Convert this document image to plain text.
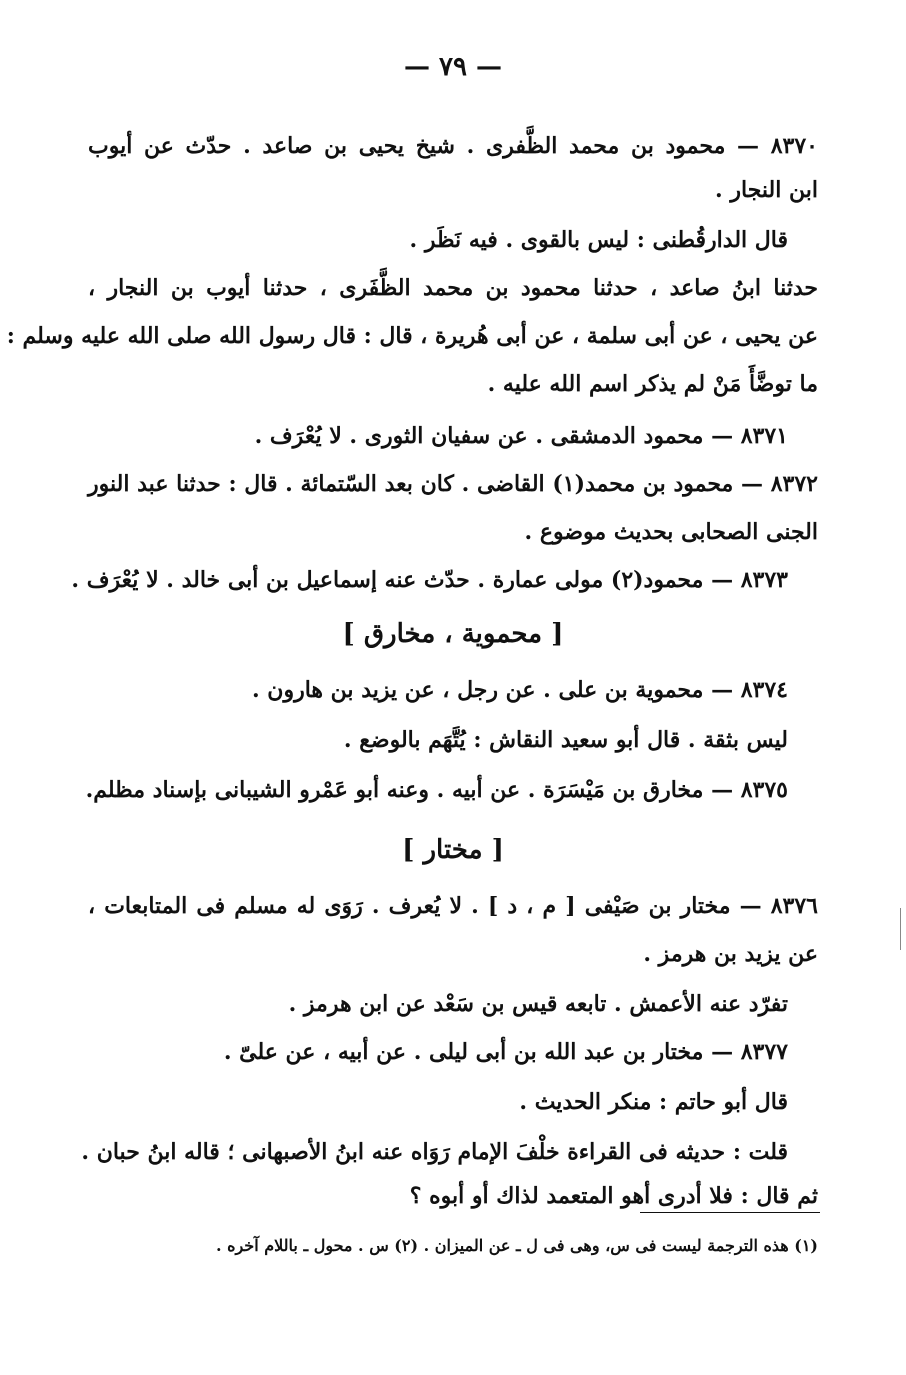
— ٧٩ —
٨٣٧٠ — محمود بن محمد الظَّفرى . شيخ يحيى بن صاعد . حدّث عن أيوب
ابن النجار .
قال الدارقُطنى : ليس بالقوى . فيه نَظَر .
حدثنا ابنُ صاعد ، حدثنا محمود بن محمد الظَّفَرى ، حدثنا أيوب بن النجار ،
عن يحيى ، عن أبى سلمة ، عن أبى هُريرة ، قال : قال رسول الله صلى الله عليه وسلم :
ما توضَّأَ مَنْ لم يذكر اسم الله عليه .
٨٣٧١ — محمود الدمشقى . عن سفيان الثورى . لا يُعْرَف .
٨٣٧٢ — محمود بن محمد(١) القاضى . كان بعد السّتمائة . قال : حدثنا عبد النور
الجنى الصحابى بحديث موضوع .
٨٣٧٣ — محمود(٢) مولى عمارة . حدّث عنه إسماعيل بن أبى خالد . لا يُعْرَف .
[ محموية ، مخارق ]
٨٣٧٤ — محموية بن على . عن رجل ، عن يزيد بن هارون .
ليس بثقة . قال أبو سعيد النقاش : يُتَّهَم بالوضع .
٨٣٧٥ — مخارق بن مَيْسَرَة . عن أبيه . وعنه أبو عَمْرو الشيبانى بإسناد مظلم.
[ مختار ]
٨٣٧٦ — مختار بن صَيْفى [ م ، د ] . لا يُعرف . رَوَى له مسلم فى المتابعات ،
عن يزيد بن هرمز .
تفرّد عنه الأعمش . تابعه قيس بن سَعْد عن ابن هرمز .
٨٣٧٧ — مختار بن عبد الله بن أبى ليلى . عن أبيه ، عن علىّ .
قال أبو حاتم : منكر الحديث .
قلت : حديثه فى القراءة خلْفَ الإمام رَوَاه عنه ابنُ الأصبهانى ؛ قاله ابنُ حبان .
ثم قال : فلا أدرى أهو المتعمد لذاك أو أبوه ؟
(١) هذه الترجمة ليست فى س، وهى فى ل ـ عن الميزان . (٢) س . محول ـ باللام آخره .
